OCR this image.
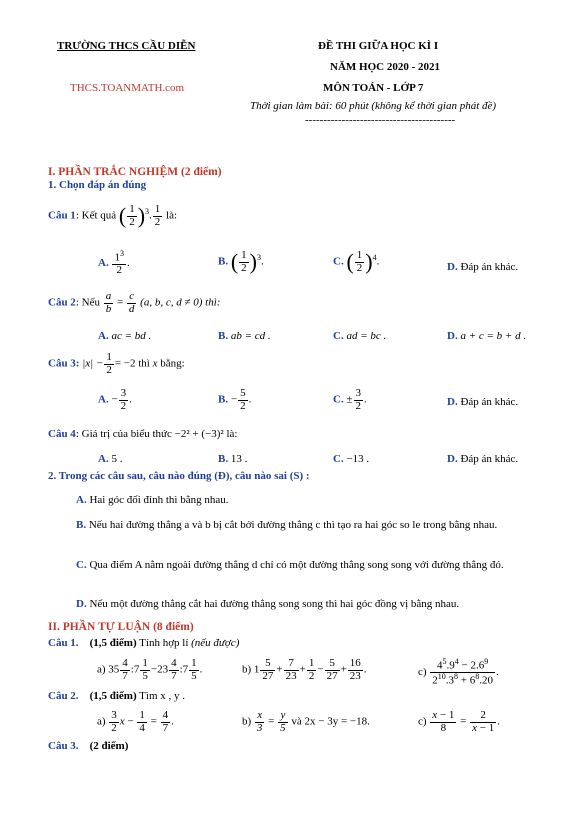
TRƯỜNG THCS CẦU DIỄN
THCS.TOANMATH.com
ĐỀ THI GIỮA HỌC KÌ I
NĂM HỌC 2020 - 2021
MÔN TOÁN - LỚP 7
Thời gian làm bài: 60 phút (không kể thời gian phát đề)
-----------------------------------------
I. PHẦN TRẮC NGHIỆM (2 điểm)
1. Chọn đáp án đúng
Câu 1: Kết quả ( $\frac{1}{2} )^3$. $\frac{1}{2}$ là:
A. $\frac{1^3}{2}$ .	B. ( $\frac{1}{2} )^3$.	C. ( $\frac{1}{2} )^4$.	D. Đáp án khác.
Câu 2: Nếu $\frac{a}{b} = \frac{c}{d} (a$, b, c, d ≠ 0) thì:
A. ac = bd .	B. ab = cd .	C. ad = bc .	D. a + c = b + d .
Câu 3: $|x| - \frac{1}{2} = -2$ thì x bằng:
A. − $\frac{3}{2}$ .	B. − $\frac{5}{2}$ .	C. ± $\frac{3}{2}$ .	D. Đáp án khác.
Câu 4: Giá trị của biểu thức −2² + (−3)² là:
A. 5 .	B. 13 .	C. −13 .	D. Đáp án khác.
2. Trong các câu sau, câu nào đúng (Đ), câu nào sai (S) :
A. Hai góc đối đỉnh thì bằng nhau.
B. Nếu hai đường thẳng a và b bị cắt bởi đường thẳng c thì tạo ra hai góc so le trong bằng nhau.
C. Qua điểm A nằm ngoài đường thẳng d chỉ có một đường thẳng song song với đường thẳng đó.
D. Nếu một đường thẳng cắt hai đường thẳng song song thì hai góc đồng vị bằng nhau.
II. PHẦN TỰ LUẬN (8 điểm)
Câu 1. (1,5 điểm) Tính hợp lí (nếu được)
a) $35 \frac{4}{7}$ :7 $\frac{1}{5} -23 \frac{4}{7}$ :7 $\frac{1}{5}$ .	b) $1 \frac{5}{27} + \frac{7}{23} + \frac{1}{2} - \frac{5}{27} + \frac{16}{23}$ .	$c) \frac{4^5.9^4 - 2.6^9}{2^{10}.3^8 + 6^8.20}$ .
Câu 2. (1,5 điểm) Tìm x , y .
$a) \frac{3}{2}$ $x - \frac{1}{4} = \frac{4}{7}$ .	$b) \frac{x}{3} = \frac{y}{5}$ và 2x − 3y = −18.	$c) \frac{x - 1}{8} = \frac{2}{x - 1}$ .
Câu 3. (2 điểm)
